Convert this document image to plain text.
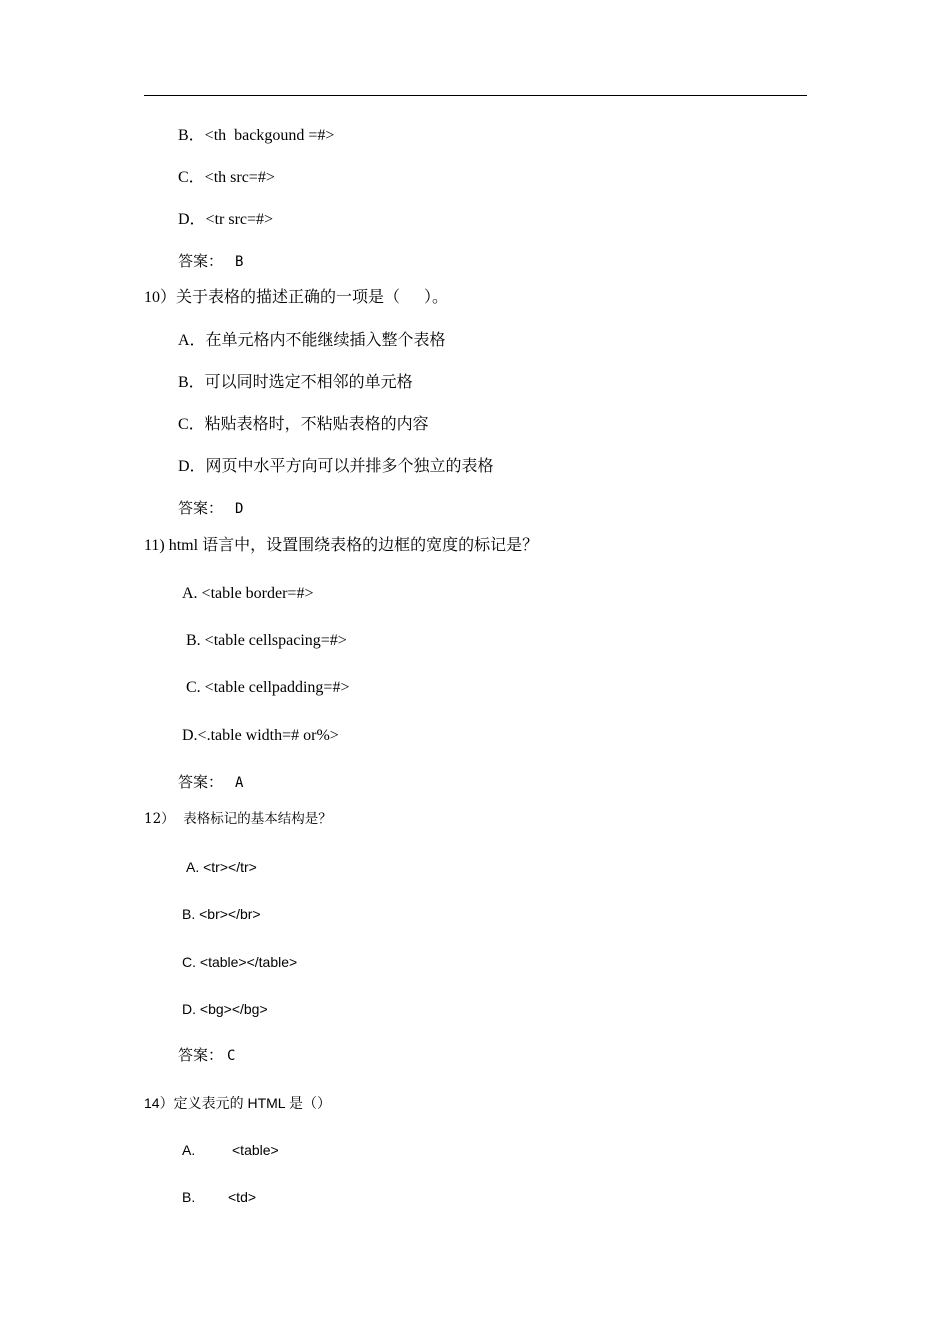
B．<th  backgound =#>
C．<th src=#>
D．<tr src=#>
答案： B
10）关于表格的描述正确的一项是（      ）。
A．在单元格内不能继续插入整个表格
B．可以同时选定不相邻的单元格
C．粘贴表格时，不粘贴表格的内容
D．网页中水平方向可以并排多个独立的表格
答案： D
11) html 语言中，设置围绕表格的边框的宽度的标记是？
A. <table border=#>
B. <table cellspacing=#>
C. <table cellpadding=#>
D.<.table width=# or%>
答案： A
12）  表格标记的基本结构是？
A. <tr></tr>
B. <br></br>
C. <table></table>
D. <bg></bg>
答案： C
14）定义表元的 HTML 是（）
A.	<table>
B. <td>
